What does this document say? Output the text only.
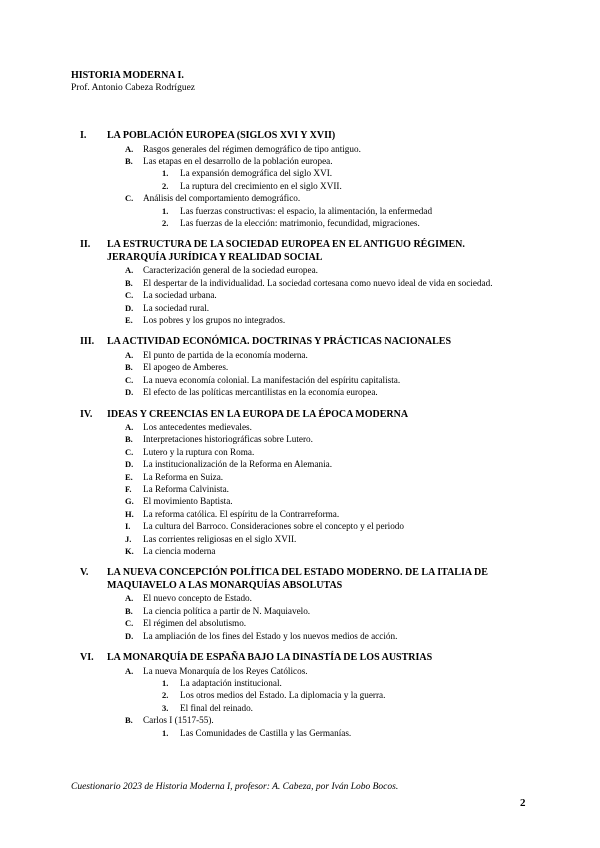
HISTORIA MODERNA I.
Prof. Antonio Cabeza Rodríguez
I.	LA POBLACIÓN EUROPEA (SIGLOS XVI Y XVII)
A. Rasgos generales del régimen demográfico de tipo antiguo.
B. Las etapas en el desarrollo de la población europea.
1. La expansión demográfica del siglo XVI.
2. La ruptura del crecimiento en el siglo XVII.
C. Análisis del comportamiento demográfico.
1. Las fuerzas constructivas: el espacio, la alimentación, la enfermedad
2. Las fuerzas de la elección: matrimonio, fecundidad, migraciones.
II.	LA ESTRUCTURA DE LA SOCIEDAD EUROPEA EN EL ANTIGUO RÉGIMEN. JERARQUÍA JURÍDICA Y REALIDAD SOCIAL
A. Caracterización general de la sociedad europea.
B. El despertar de la individualidad. La sociedad cortesana como nuevo ideal de vida en sociedad.
C. La sociedad urbana.
D. La sociedad rural.
E. Los pobres y los grupos no integrados.
III.	LA ACTIVIDAD ECONÓMICA. DOCTRINAS Y PRÁCTICAS NACIONALES
A. El punto de partida de la economía moderna.
B. El apogeo de Amberes.
C. La nueva economía colonial. La manifestación del espíritu capitalista.
D. El efecto de las políticas mercantilistas en la economía europea.
IV.	IDEAS Y CREENCIAS EN LA EUROPA DE LA ÉPOCA MODERNA
A. Los antecedentes medievales.
B. Interpretaciones historiográficas sobre Lutero.
C. Lutero y la ruptura con Roma.
D. La institucionalización de la Reforma en Alemania.
E. La Reforma en Suiza.
F. La Reforma Calvinista.
G. El movimiento Baptista.
H. La reforma católica. El espíritu de la Contrarreforma.
I. La cultura del Barroco. Consideraciones sobre el concepto y el periodo
J. Las corrientes religiosas en el siglo XVII.
K. La ciencia moderna
V.	LA NUEVA CONCEPCIÓN POLÍTICA DEL ESTADO MODERNO. DE LA ITALIA DE MAQUIAVELO A LAS MONARQUÍAS ABSOLUTAS
A. El nuevo concepto de Estado.
B. La ciencia política a partir de N. Maquiavelo.
C. El régimen del absolutismo.
D. La ampliación de los fines del Estado y los nuevos medios de acción.
VI.	LA MONARQUÍA DE ESPAÑA BAJO LA DINASTÍA DE LOS AUSTRIAS
A. La nueva Monarquía de los Reyes Católicos.
1. La adaptación institucional.
2. Los otros medios del Estado. La diplomacia y la guerra.
3. El final del reinado.
B. Carlos I (1517-55).
1. Las Comunidades de Castilla y las Germanías.
Cuestionario 2023 de Historia Moderna I, profesor: A. Cabeza, por Iván Lobo Bocos.
2
